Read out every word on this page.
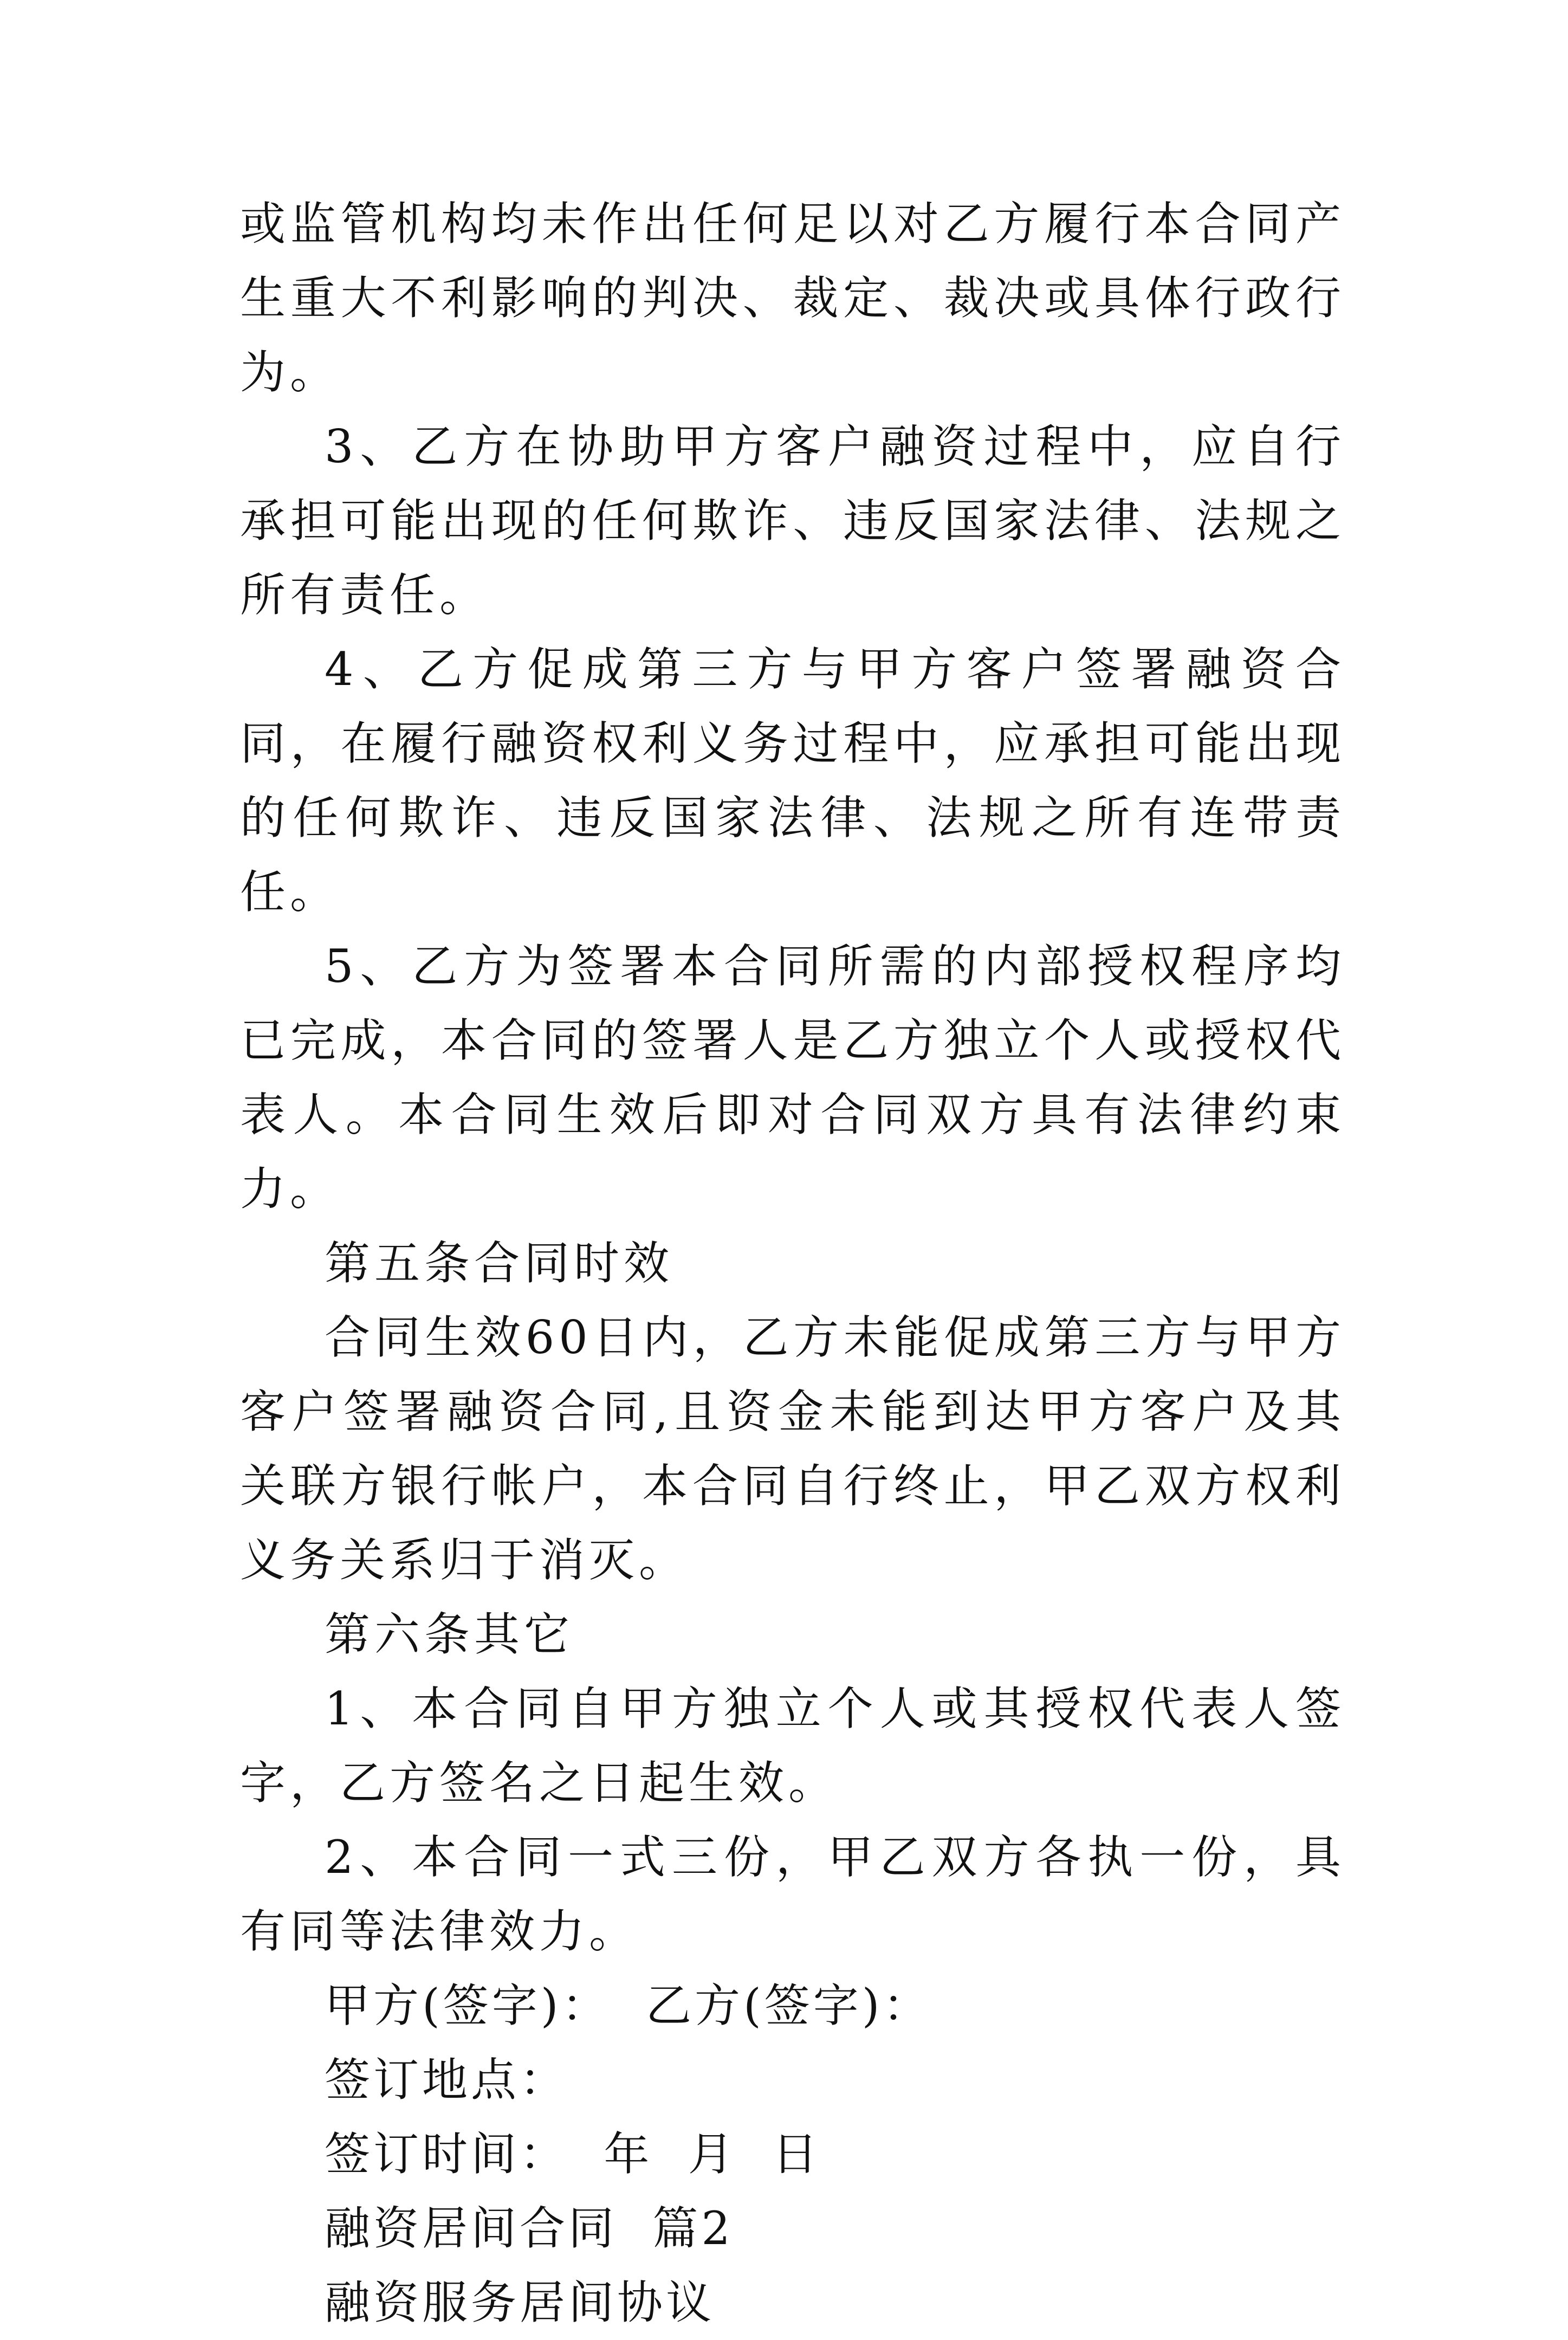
或监管机构均未作出任何足以对乙方履行本合同产生重大不利影响的判决、裁定、裁决或具体行政行为。

3、乙方在协助甲方客户融资过程中，应自行承担可能出现的任何欺诈、违反国家法律、法规之所有责任。

4、乙方促成第三方与甲方客户签署融资合同，在履行融资权利义务过程中，应承担可能出现的任何欺诈、违反国家法律、法规之所有连带责任。

5、乙方为签署本合同所需的内部授权程序均已完成，本合同的签署人是乙方独立个人或授权代表人。本合同生效后即对合同双方具有法律约束力。

第五条合同时效

合同生效60日内，乙方未能促成第三方与甲方客户签署融资合同,且资金未能到达甲方客户及其关联方银行帐户，本合同自行终止，甲乙双方权利义务关系归于消灭。

第六条其它

1、本合同自甲方独立个人或其授权代表人签字，乙方签名之日起生效。

2、本合同一式三份，甲乙双方各执一份，具有同等法律效力。

甲方(签字)：  乙方(签字)：

签订地点：

签订时间：  年  月  日

融资居间合同  篇2

融资服务居间协议
